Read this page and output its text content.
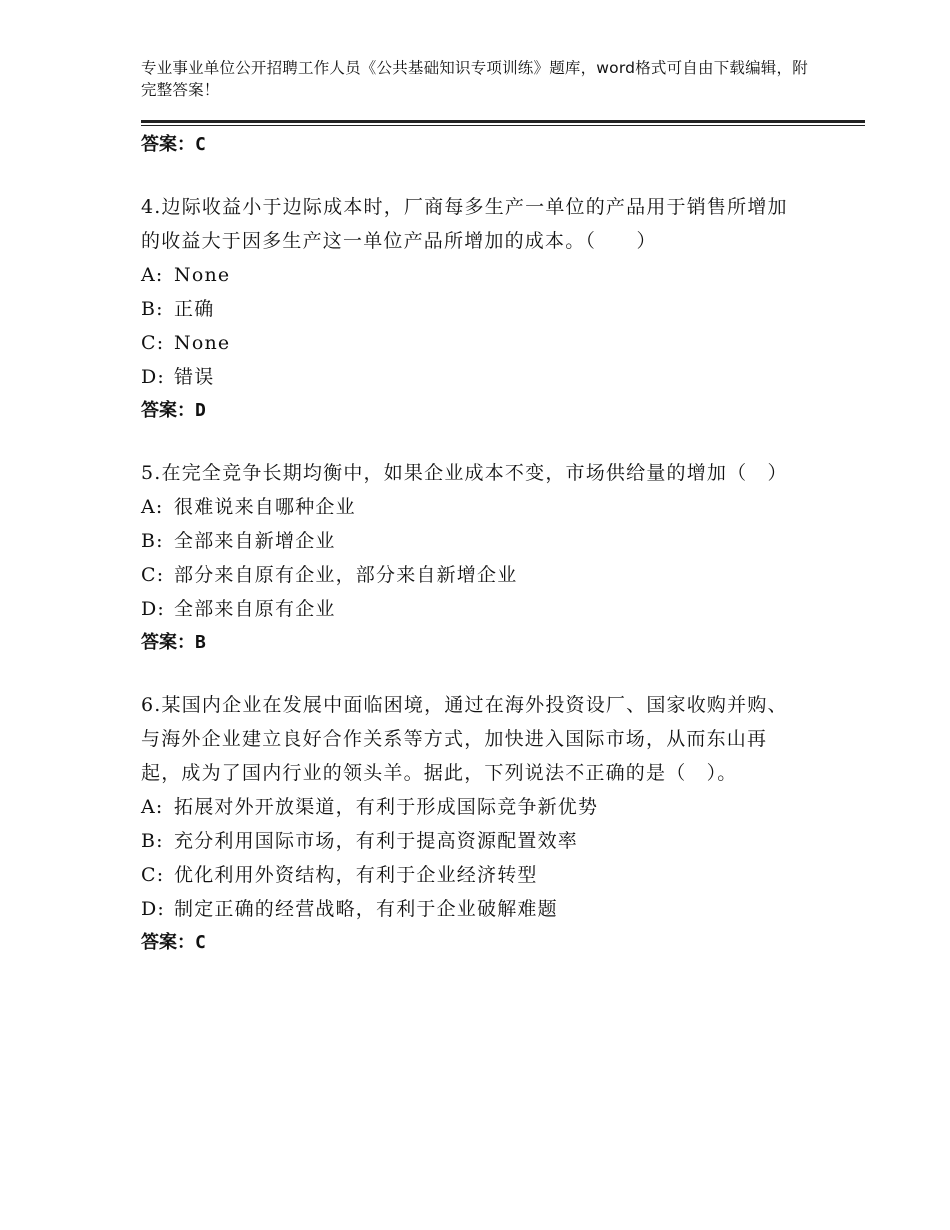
专业事业单位公开招聘工作人员《公共基础知识专项训练》题库，word格式可自由下载编辑，附完整答案！
答案：C
4.边际收益小于边际成本时，厂商每多生产一单位的产品用于销售所增加的收益大于因多生产这一单位产品所增加的成本。（　　）
A: None
B: 正确
C: None
D: 错误
答案：D
5.在完全竞争长期均衡中，如果企业成本不变，市场供给量的增加（　）
A: 很难说来自哪种企业
B: 全部来自新增企业
C: 部分来自原有企业，部分来自新增企业
D: 全部来自原有企业
答案：B
6.某国内企业在发展中面临困境，通过在海外投资设厂、国家收购并购、与海外企业建立良好合作关系等方式，加快进入国际市场，从而东山再起，成为了国内行业的领头羊。据此，下列说法不正确的是（　）。
A: 拓展对外开放渠道，有利于形成国际竞争新优势
B: 充分利用国际市场，有利于提高资源配置效率
C: 优化利用外资结构，有利于企业经济转型
D: 制定正确的经营战略，有利于企业破解难题
答案：C
